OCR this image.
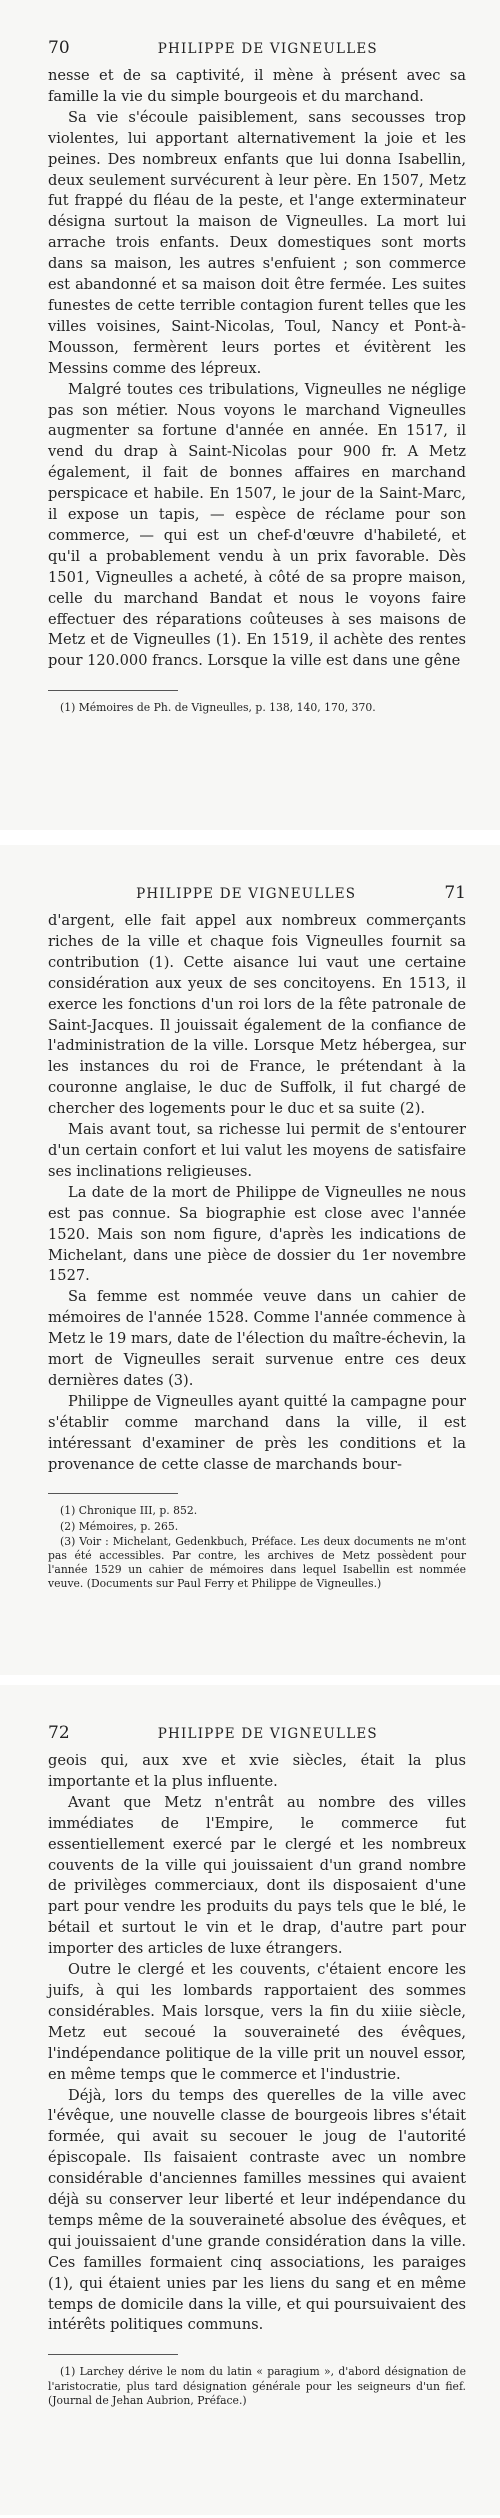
70	PHILIPPE DE VIGNEULLES

nesse et de sa captivité, il mène à présent avec sa famille la vie du simple bourgeois et du marchand.

Sa vie s'écoule paisiblement, sans secousses trop violentes, lui apportant alternativement la joie et les peines. Des nombreux enfants que lui donna Isabellin, deux seulement survécurent à leur père. En 1507, Metz fut frappé du fléau de la peste, et l'ange exterminateur désigna surtout la maison de Vigneulles. La mort lui arrache trois enfants. Deux domestiques sont morts dans sa maison, les autres s'enfuient ; son commerce est abandonné et sa maison doit être fermée. Les suites funestes de cette terrible contagion furent telles que les villes voisines, Saint-Nicolas, Toul, Nancy et Pont-à-Mousson, fermèrent leurs portes et évitèrent les Messins comme des lépreux.

Malgré toutes ces tribulations, Vigneulles ne néglige pas son métier. Nous voyons le marchand Vigneulles augmenter sa fortune d'année en année. En 1517, il vend du drap à Saint-Nicolas pour 900 fr. A Metz également, il fait de bonnes affaires en marchand perspicace et habile. En 1507, le jour de la Saint-Marc, il expose un tapis, — espèce de réclame pour son commerce, — qui est un chef-d'œuvre d'habileté, et qu'il a probablement vendu à un prix favorable. Dès 1501, Vigneulles a acheté, à côté de sa propre maison, celle du marchand Bandat et nous le voyons faire effectuer des réparations coûteuses à ses maisons de Metz et de Vigneulles (1). En 1519, il achète des rentes pour 120.000 francs. Lorsque la ville est dans une gêne

(1) Mémoires de Ph. de Vigneulles, p. 138, 140, 170, 370.

PHILIPPE DE VIGNEULLES	71

d'argent, elle fait appel aux nombreux commerçants riches de la ville et chaque fois Vigneulles fournit sa contribution (1). Cette aisance lui vaut une certaine considération aux yeux de ses concitoyens. En 1513, il exerce les fonctions d'un roi lors de la fête patronale de Saint-Jacques. Il jouissait également de la confiance de l'administration de la ville. Lorsque Metz hébergea, sur les instances du roi de France, le prétendant à la couronne anglaise, le duc de Suffolk, il fut chargé de chercher des logements pour le duc et sa suite (2).

Mais avant tout, sa richesse lui permit de s'entourer d'un certain confort et lui valut les moyens de satisfaire ses inclinations religieuses.

La date de la mort de Philippe de Vigneulles ne nous est pas connue. Sa biographie est close avec l'année 1520. Mais son nom figure, d'après les indications de Michelant, dans une pièce de dossier du 1er novembre 1527.

Sa femme est nommée veuve dans un cahier de mémoires de l'année 1528. Comme l'année commence à Metz le 19 mars, date de l'élection du maître-échevin, la mort de Vigneulles serait survenue entre ces deux dernières dates (3).

Philippe de Vigneulles ayant quitté la campagne pour s'établir comme marchand dans la ville, il est intéressant d'examiner de près les conditions et la provenance de cette classe de marchands bour-

(1) Chronique III, p. 852.

(2) Mémoires, p. 265.

(3) Voir : Michelant, Gedenkbuch, Préface. Les deux documents ne m'ont pas été accessibles. Par contre, les archives de Metz possèdent pour l'année 1529 un cahier de mémoires dans lequel Isabellin est nommée veuve. (Documents sur Paul Ferry et Philippe de Vigneulles.)

72	PHILIPPE DE VIGNEULLES

geois qui, aux xve et xvie siècles, était la plus importante et la plus influente.

Avant que Metz n'entrât au nombre des villes immédiates de l'Empire, le commerce fut essentiellement exercé par le clergé et les nombreux couvents de la ville qui jouissaient d'un grand nombre de privilèges commerciaux, dont ils disposaient d'une part pour vendre les produits du pays tels que le blé, le bétail et surtout le vin et le drap, d'autre part pour importer des articles de luxe étrangers.

Outre le clergé et les couvents, c'étaient encore les juifs, à qui les lombards rapportaient des sommes considérables. Mais lorsque, vers la fin du xiiie siècle, Metz eut secoué la souveraineté des évêques, l'indépendance politique de la ville prit un nouvel essor, en même temps que le commerce et l'industrie.

Déjà, lors du temps des querelles de la ville avec l'évêque, une nouvelle classe de bourgeois libres s'était formée, qui avait su secouer le joug de l'autorité épiscopale. Ils faisaient contraste avec un nombre considérable d'anciennes familles messines qui avaient déjà su conserver leur liberté et leur indépendance du temps même de la souveraineté absolue des évêques, et qui jouissaient d'une grande considération dans la ville. Ces familles formaient cinq associations, les paraiges (1), qui étaient unies par les liens du sang et en même temps de domicile dans la ville, et qui poursuivaient des intérêts politiques communs.

(1) Larchey dérive le nom du latin « paragium », d'abord désignation de l'aristocratie, plus tard désignation générale pour les seigneurs d'un fief. (Journal de Jehan Aubrion, Préface.)
